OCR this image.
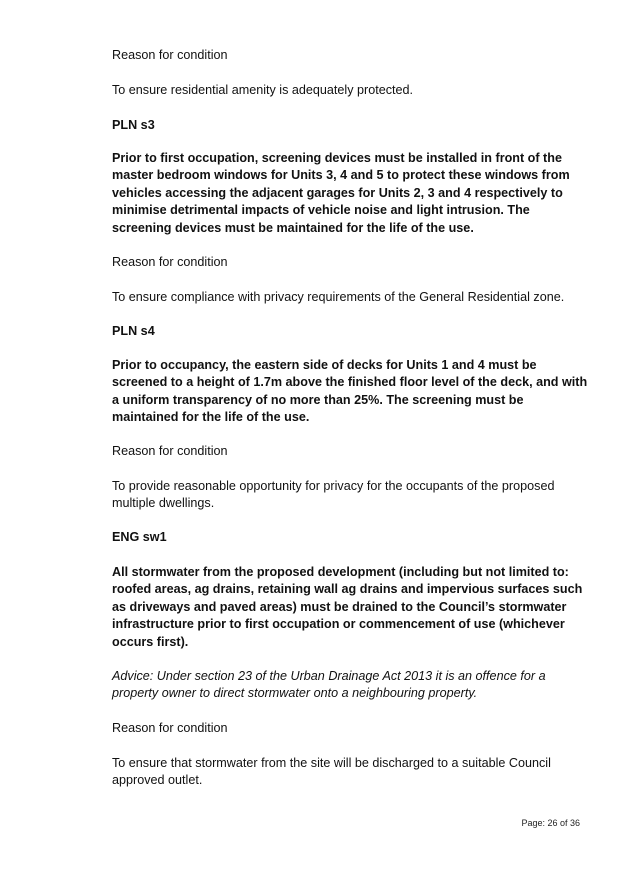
Reason for condition

To ensure residential amenity is adequately protected.

PLN s3

Prior to first occupation, screening devices must be installed in front of the master bedroom windows for Units 3, 4 and 5 to protect these windows from vehicles accessing the adjacent garages for Units 2, 3 and 4 respectively to minimise detrimental impacts of vehicle noise and light intrusion. The screening devices must be maintained for the life of the use.

Reason for condition

To ensure compliance with privacy requirements of the General Residential zone.

PLN s4

Prior to occupancy, the eastern side of decks for Units 1 and 4 must be screened to a height of 1.7m above the finished floor level of the deck, and with a uniform transparency of no more than 25%. The screening must be maintained for the life of the use.

Reason for condition

To provide reasonable opportunity for privacy for the occupants of the proposed multiple dwellings.

ENG sw1

All stormwater from the proposed development (including but not limited to: roofed areas, ag drains, retaining wall ag drains and impervious surfaces such as driveways and paved areas) must be drained to the Council’s stormwater infrastructure prior to first occupation or commencement of use (whichever occurs first).

Advice: Under section 23 of the Urban Drainage Act 2013 it is an offence for a property owner to direct stormwater onto a neighbouring property.

Reason for condition

To ensure that stormwater from the site will be discharged to a suitable Council approved outlet.

Page: 26 of 36
